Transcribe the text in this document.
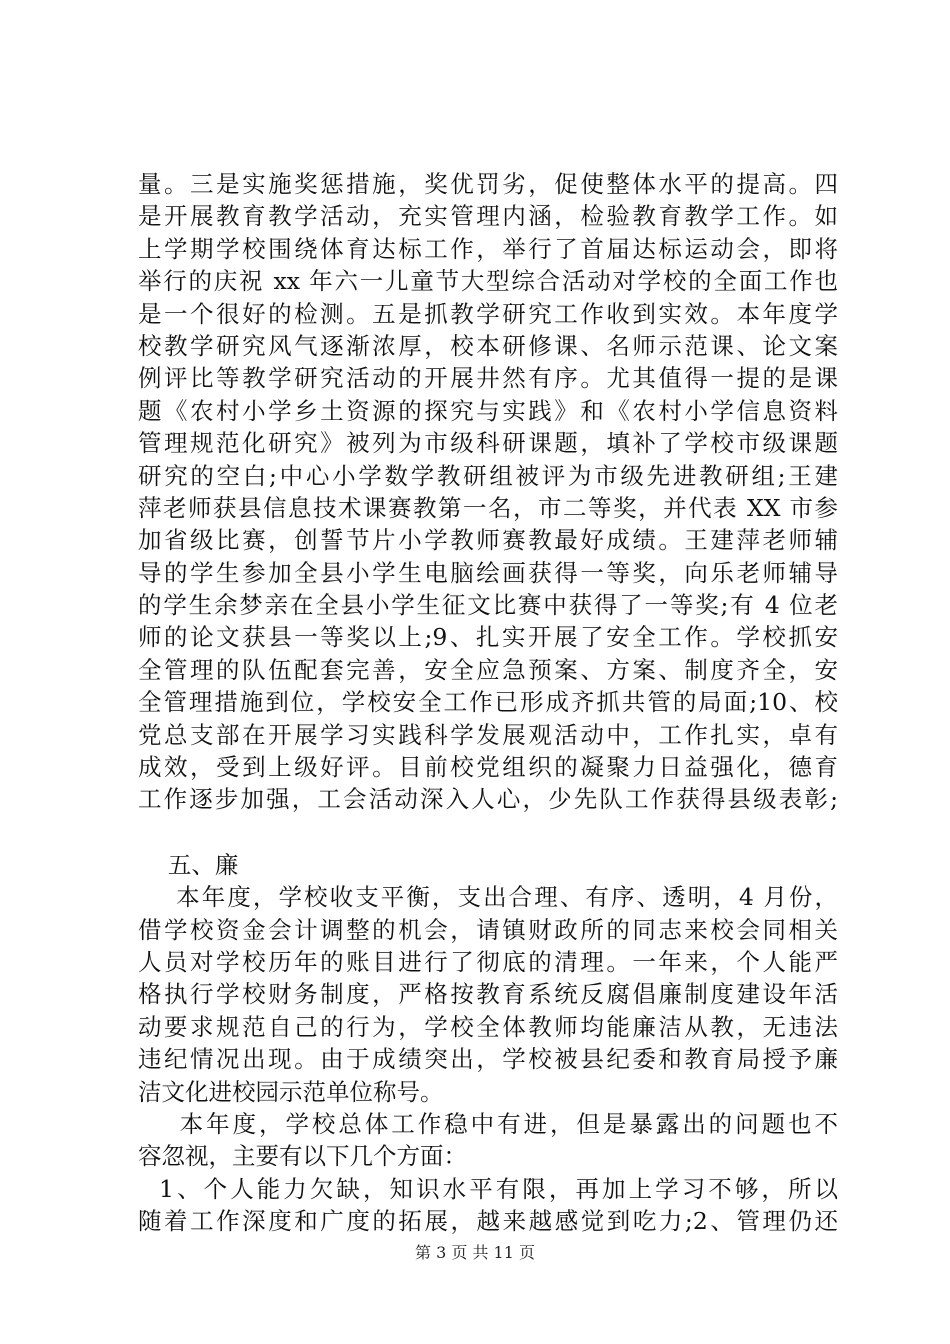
量。三是实施奖惩措施，奖优罚劣，促使整体水平的提高。四
是开展教育教学活动，充实管理内涵，检验教育教学工作。如
上学期学校围绕体育达标工作，举行了首届达标运动会，即将
举行的庆祝 xx 年六一儿童节大型综合活动对学校的全面工作也
是一个很好的检测。五是抓教学研究工作收到实效。本年度学
校教学研究风气逐渐浓厚，校本研修课、名师示范课、论文案
例评比等教学研究活动的开展井然有序。尤其值得一提的是课
题《农村小学乡土资源的探究与实践》和《农村小学信息资料
管理规范化研究》被列为市级科研课题，填补了学校市级课题
研究的空白;中心小学数学教研组被评为市级先进教研组;王建
萍老师获县信息技术课赛教第一名，市二等奖，并代表 XX 市参
加省级比赛，创誓节片小学教师赛教最好成绩。王建萍老师辅
导的学生参加全县小学生电脑绘画获得一等奖，向乐老师辅导
的学生余梦亲在全县小学生征文比赛中获得了一等奖;有 4 位老
师的论文获县一等奖以上;9、扎实开展了安全工作。学校抓安
全管理的队伍配套完善，安全应急预案、方案、制度齐全，安
全管理措施到位，学校安全工作已形成齐抓共管的局面;10、校
党总支部在开展学习实践科学发展观活动中，工作扎实，卓有
成效，受到上级好评。目前校党组织的凝聚力日益强化，德育
工作逐步加强，工会活动深入人心，少先队工作获得县级表彰;
五、廉
本年度，学校收支平衡，支出合理、有序、透明，4 月份，
借学校资金会计调整的机会，请镇财政所的同志来校会同相关
人员对学校历年的账目进行了彻底的清理。一年来，个人能严
格执行学校财务制度，严格按教育系统反腐倡廉制度建设年活
动要求规范自己的行为，学校全体教师均能廉洁从教，无违法
违纪情况出现。由于成绩突出，学校被县纪委和教育局授予廉
洁文化进校园示范单位称号。
本年度，学校总体工作稳中有进，但是暴露出的问题也不
容忽视，主要有以下几个方面：
1、个人能力欠缺，知识水平有限，再加上学习不够，所以
随着工作深度和广度的拓展，越来越感觉到吃力;2、管理仍还
第 3 页 共 11 页
